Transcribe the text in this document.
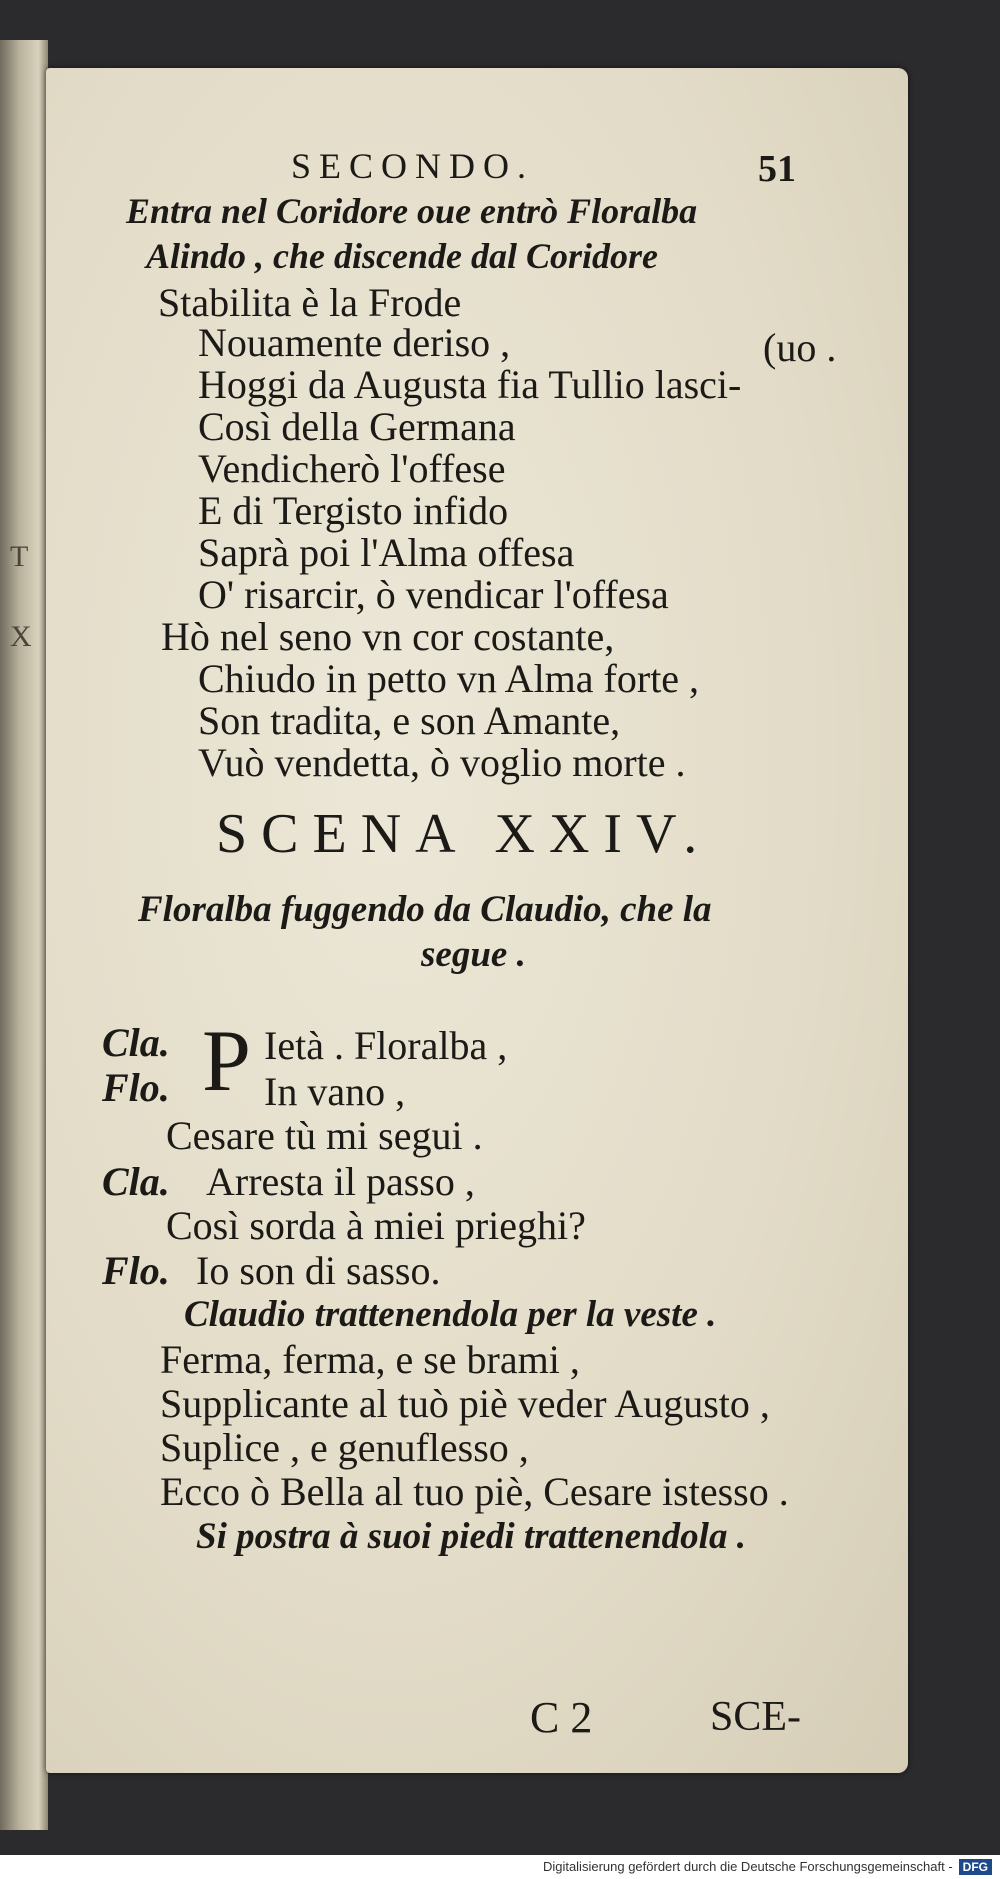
T
X
SECONDO.	51
Entra nel Coridore oue entrò Floralba
Alindo , che discende dal Coridore
Stabilita è la Frode
Nouamente deriso ,	(uo .
Hoggi da Augusta fia Tullio lasci-
Così della Germana
Vendicherò l'offese
E di Tergisto infido
Saprà poi l'Alma offesa
O' risarcir, ò vendicar l'offesa
Hò nel seno vn cor costante,
Chiudo in petto vn Alma forte ,
Son tradita, e son Amante,
Vuò vendetta, ò voglio morte .
SCENA XXIV.
Floralba fuggendo da Claudio, che la
segue .
Cla.
Flo. P Ietà . Floralba ,
In vano ,
Cesare tù mi segui .
Cla. Arresta il passo ,
Così sorda à miei prieghi?
Flo. Io son di sasso.
Claudio trattenendola per la veste .
Ferma, ferma, e se brami ,
Supplicante al tuò piè veder Augusto ,
Suplice , e genuflesso ,
Ecco ò Bella al tuo piè, Cesare istesso .
Si postra à suoi piedi trattenendola .
C 2	SCE-
Digitalisierung gefördert durch die Deutsche Forschungsgemeinschaft - DFG
